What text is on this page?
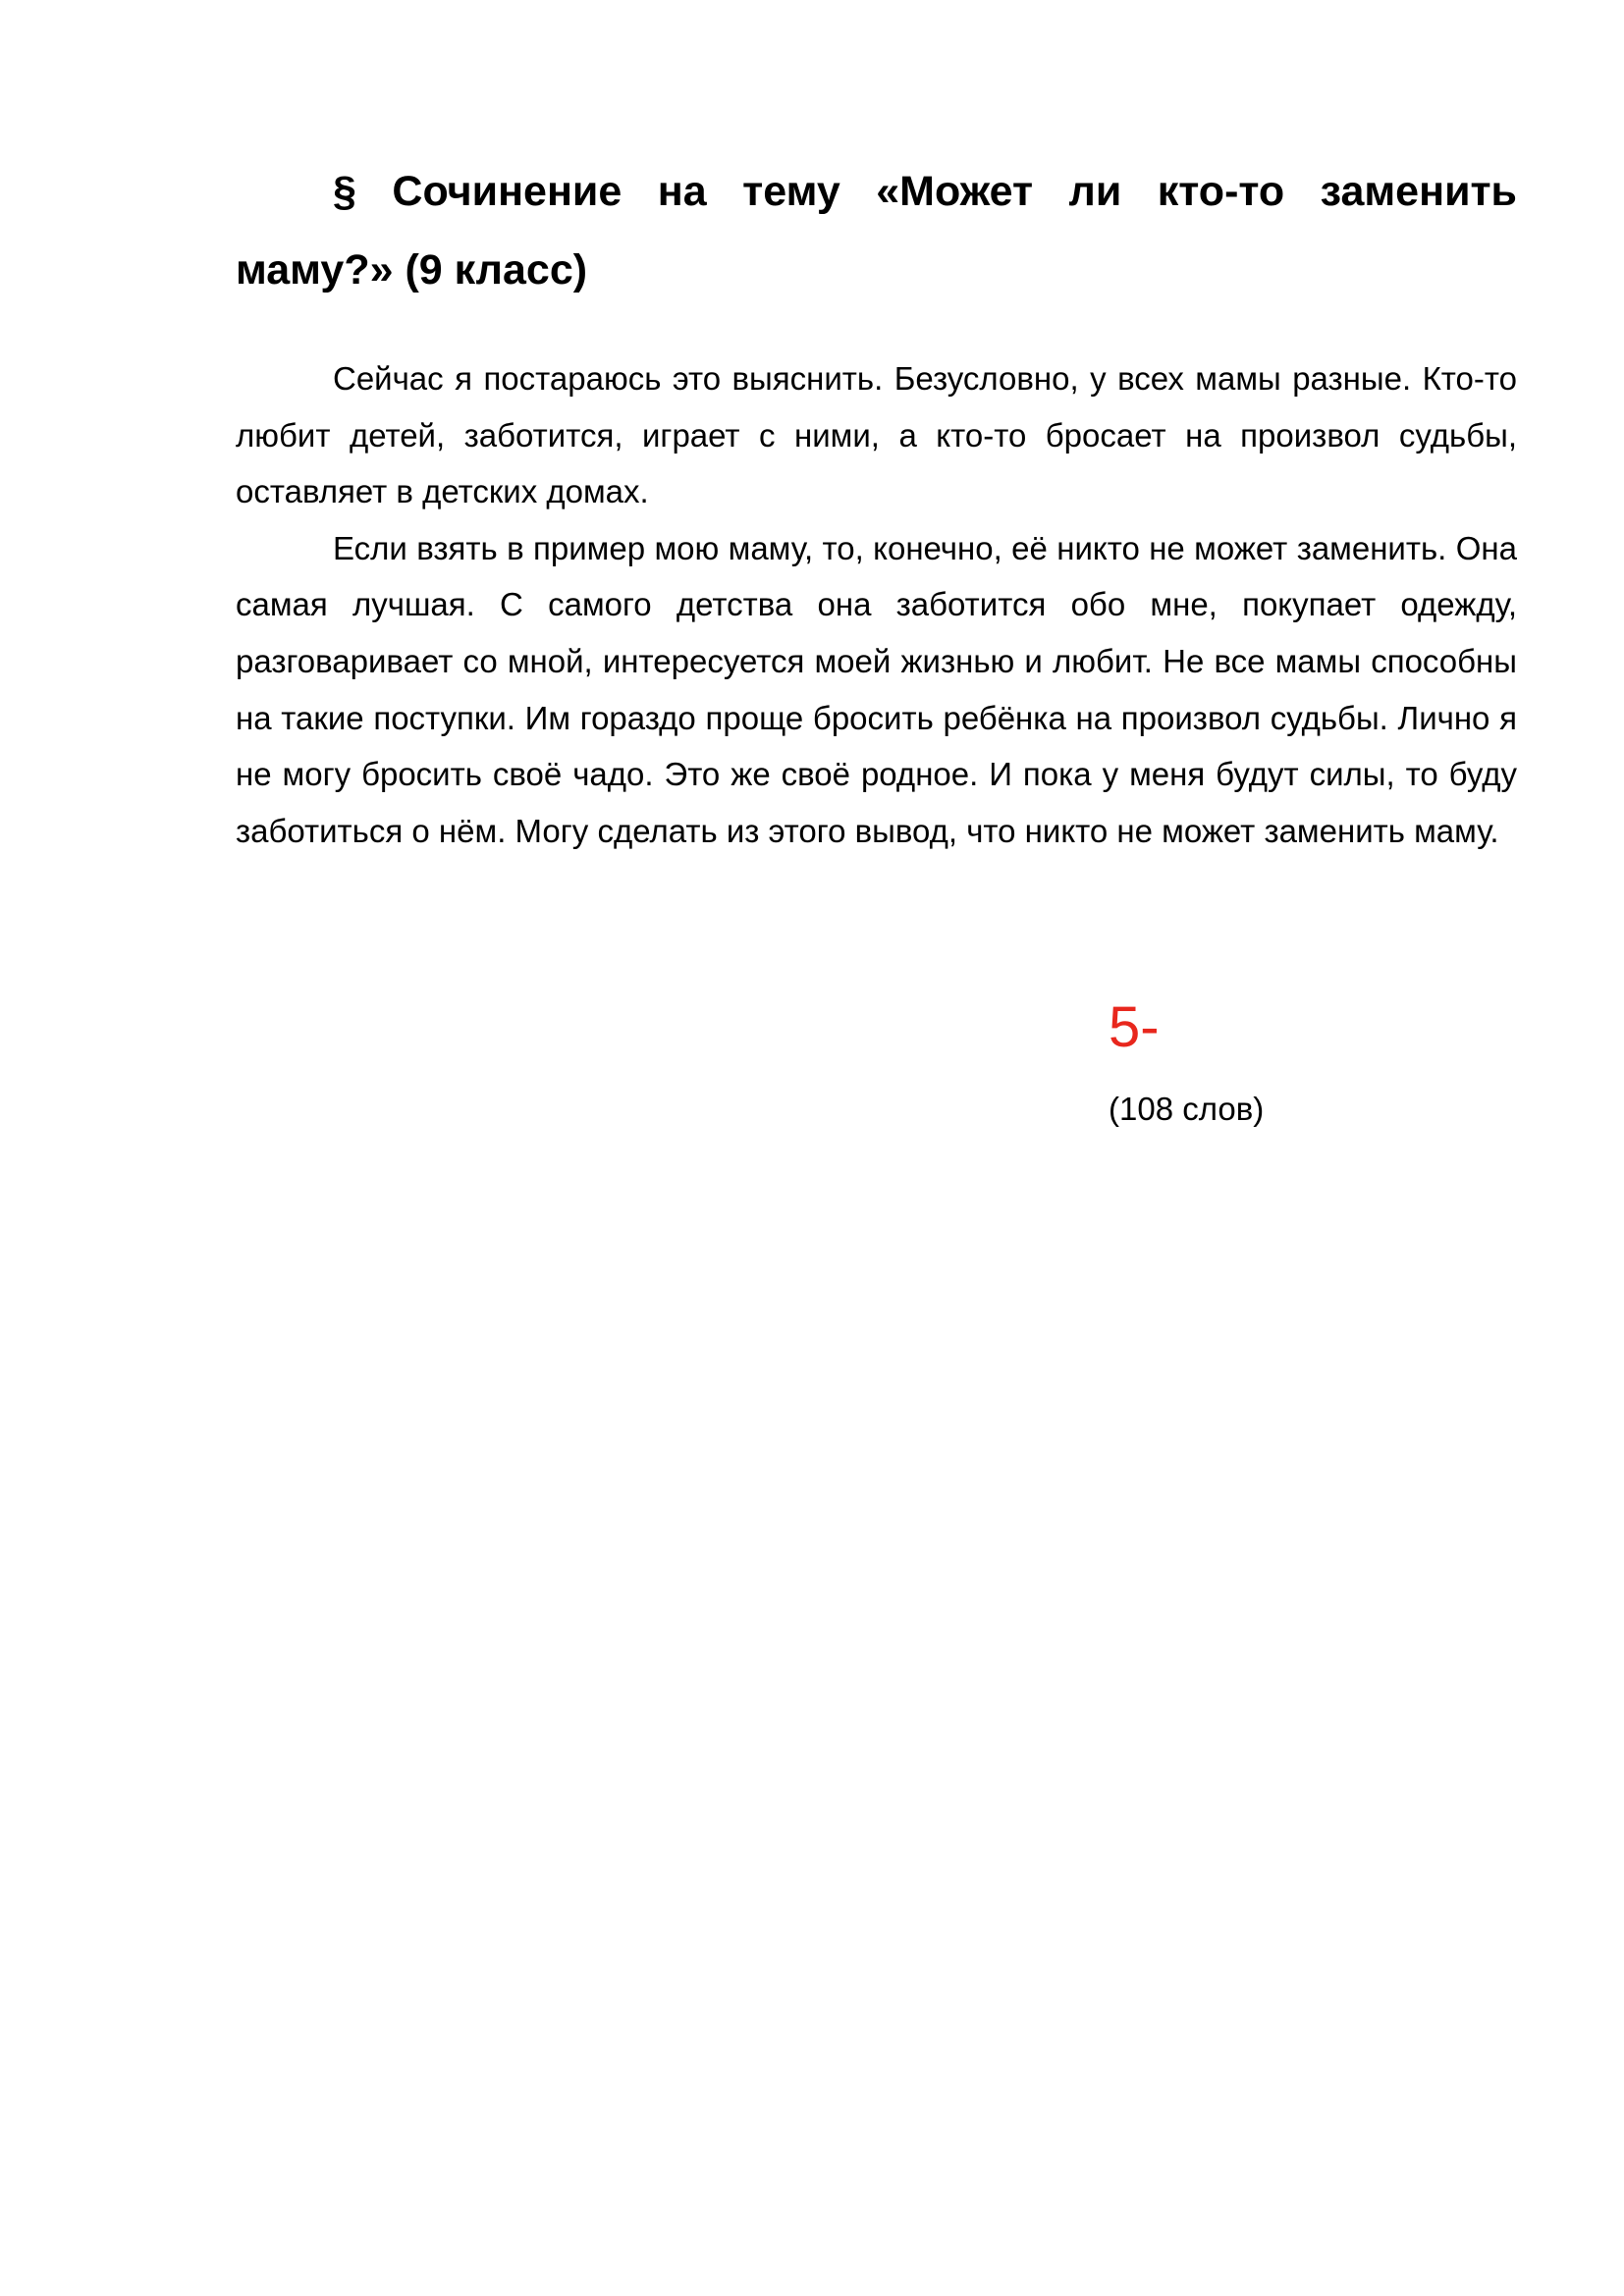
§ Сочинение на тему «Может ли кто-то заменить маму?» (9 класс)

Сейчас я постараюсь это выяснить. Безусловно, у всех мамы разные. Кто-то любит детей, заботится, играет с ними, а кто-то бросает на произвол судьбы, оставляет в детских домах.

Если взять в пример мою маму, то, конечно, её никто не может заменить. Она самая лучшая. С самого детства она заботится обо мне, покупает одежду, разговаривает со мной, интересуется моей жизнью и любит. Не все мамы способны на такие поступки. Им гораздо проще бросить ребёнка на произвол судьбы. Лично я не могу бросить своё чадо. Это же своё родное. И пока у меня будут силы, то буду заботиться о нём. Могу сделать из этого вывод, что никто не может заменить маму.

5-

(108 слов)
